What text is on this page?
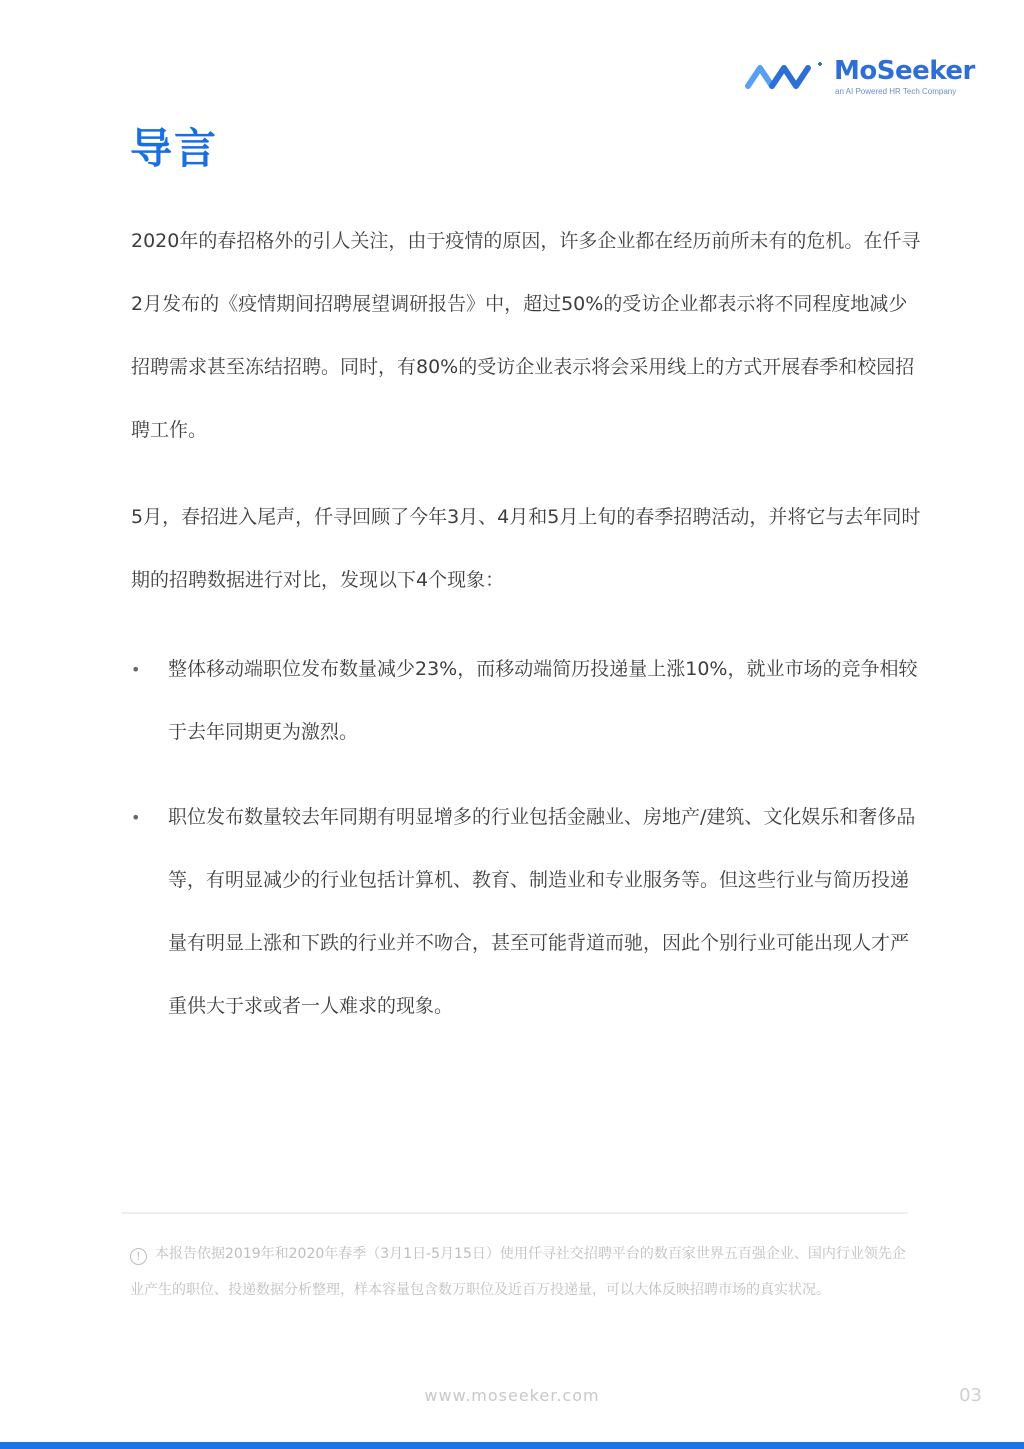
MoSeeker
an AI Powered HR Tech Company
导言

2020年的春招格外的引人关注，由于疫情的原因，许多企业都在经历前所未有的危机。在仟寻2月发布的《疫情期间招聘展望调研报告》中，超过50%的受访企业都表示将不同程度地减少招聘需求甚至冻结招聘。同时，有80%的受访企业表示将会采用线上的方式开展春季和校园招聘工作。

5月，春招进入尾声，仟寻回顾了今年3月、4月和5月上旬的春季招聘活动，并将它与去年同时期的招聘数据进行对比，发现以下4个现象：

• 整体移动端职位发布数量减少23%，而移动端简历投递量上涨10%，就业市场的竞争相较于去年同期更为激烈。
• 职位发布数量较去年同期有明显增多的行业包括金融业、房地产/建筑、文化娱乐和奢侈品等，有明显减少的行业包括计算机、教育、制造业和专业服务等。但这些行业与简历投递量有明显上涨和下跌的行业并不吻合，甚至可能背道而驰，因此个别行业可能出现人才严重供大于求或者一人难求的现象。

! 本报告依据2019年和2020年春季（3月1日-5月15日）使用仟寻社交招聘平台的数百家世界五百强企业、国内行业领先企业产生的职位、投递数据分析整理，样本容量包含数万职位及近百万投递量，可以大体反映招聘市场的真实状况。

www.moseeker.com	03
